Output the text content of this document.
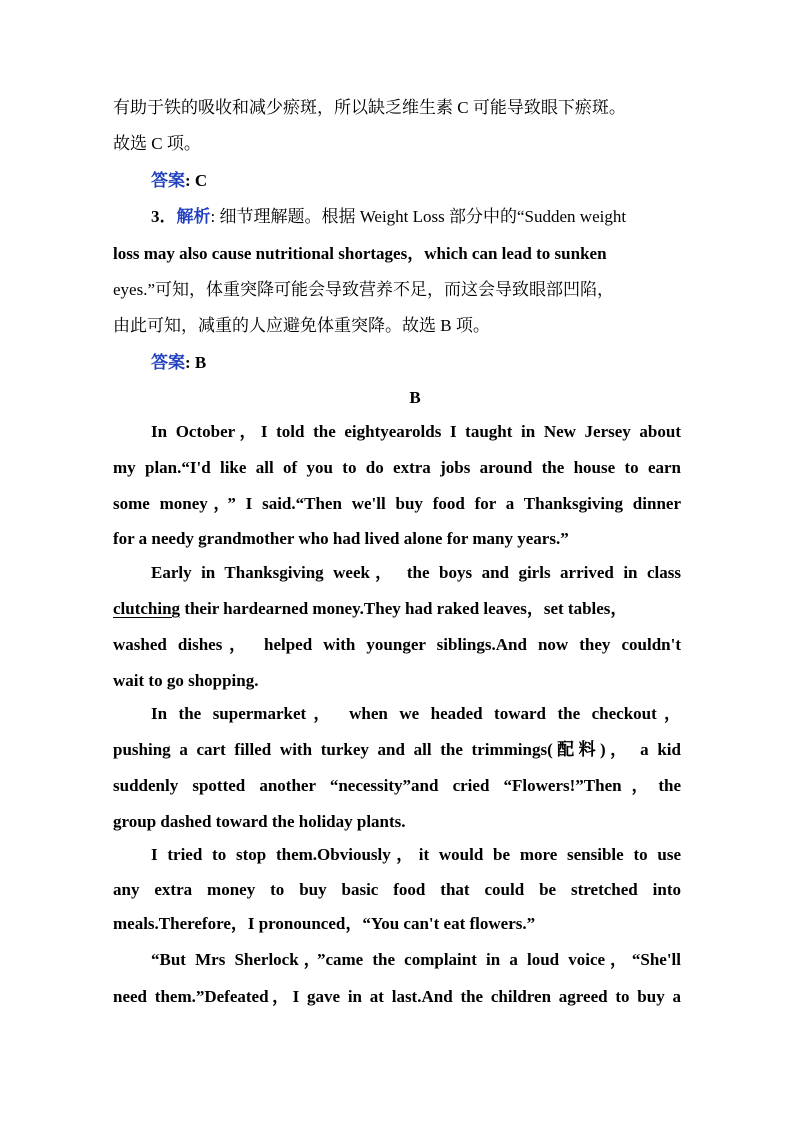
有助于铁的吸收和减少瘀斑，所以缺乏维生素 C 可能导致眼下瘀斑。
故选 C 项。
答案: C
3．解析: 细节理解题。根据 Weight Loss 部分中的“Sudden weight
loss may also cause nutritional shortages，which can lead to sunken
eyes.”可知，体重突降可能会导致营养不足，而这会导致眼部凹陷，
由此可知，减重的人应避免体重突降。故选 B 项。
答案: B
B
In October，I told the eightyearolds I taught in New Jersey about
my plan.“I'd like all of you to do extra jobs around the house to earn
some money，” I said.“Then we'll buy food for a Thanksgiving dinner
for a needy grandmother who had lived alone for many years.”
Early in Thanksgiving week， the boys and girls arrived in class
clutching their hardearned money.They had raked leaves，set tables，
washed dishes， helped with younger siblings.And now they couldn't
wait to go shopping.
In the supermarket， when we headed toward the checkout，
pushing a cart filled with turkey and all the trimmings(配料)， a kid
suddenly spotted another “necessity”and cried “Flowers!”Then，the
group dashed toward the holiday plants.
I tried to stop them.Obviously，it would be more sensible to use
any extra money to buy basic food that could be stretched into
meals.Therefore，I pronounced，“You can't eat flowers.”
“But Mrs Sherlock，”came the complaint in a loud voice，“She'll
need them.”Defeated，I gave in at last.And the children agreed to buy a
